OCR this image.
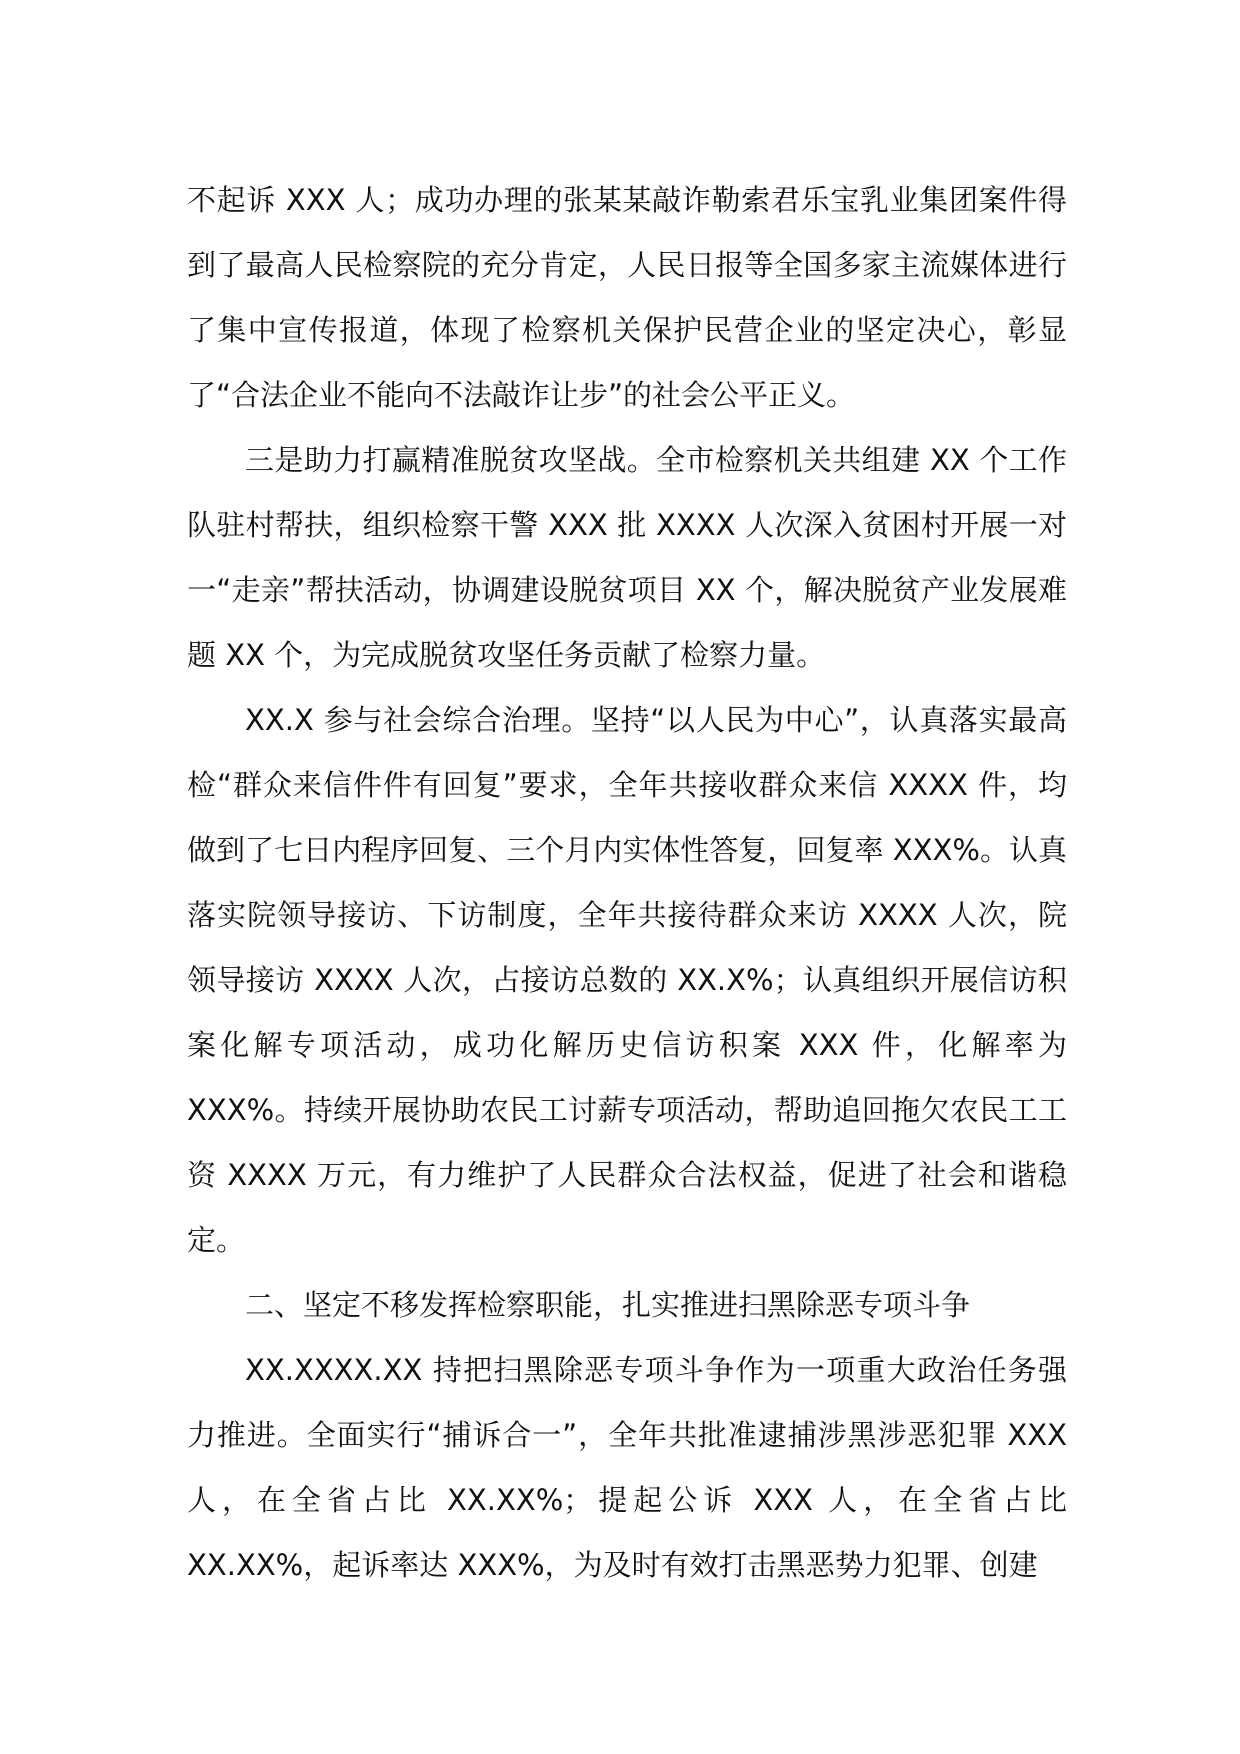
不起诉 XXX 人；成功办理的张某某敲诈勒索君乐宝乳业集团案件得到了最高人民检察院的充分肯定，人民日报等全国多家主流媒体进行了集中宣传报道，体现了检察机关保护民营企业的坚定决心，彰显了“合法企业不能向不法敲诈让步”的社会公平正义。

三是助力打赢精准脱贫攻坚战。全市检察机关共组建 XX 个工作队驻村帮扶，组织检察干警 XXX 批 XXXX 人次深入贫困村开展一对一“走亲”帮扶活动，协调建设脱贫项目 XX 个，解决脱贫产业发展难题 XX 个，为完成脱贫攻坚任务贡献了检察力量。

XX.X 参与社会综合治理。坚持“以人民为中心”，认真落实最高检“群众来信件件有回复”要求，全年共接收群众来信 XXXX 件，均做到了七日内程序回复、三个月内实体性答复，回复率 XXX%。认真落实院领导接访、下访制度，全年共接待群众来访 XXXX 人次，院领导接访 XXXX 人次，占接访总数的 XX.X%；认真组织开展信访积案化解专项活动，成功化解历史信访积案 XXX 件，化解率为 XXX%。持续开展协助农民工讨薪专项活动，帮助追回拖欠农民工工资 XXXX 万元，有力维护了人民群众合法权益，促进了社会和谐稳定。

二、坚定不移发挥检察职能，扎实推进扫黑除恶专项斗争

XX.XXXX.XX 持把扫黑除恶专项斗争作为一项重大政治任务强力推进。全面实行“捕诉合一”，全年共批准逮捕涉黑涉恶犯罪 XXX 人，在全省占比 XX.XX%；提起公诉 XXX 人，在全省占比 XX.XX%，起诉率达 XXX%，为及时有效打击黑恶势力犯罪、创建
